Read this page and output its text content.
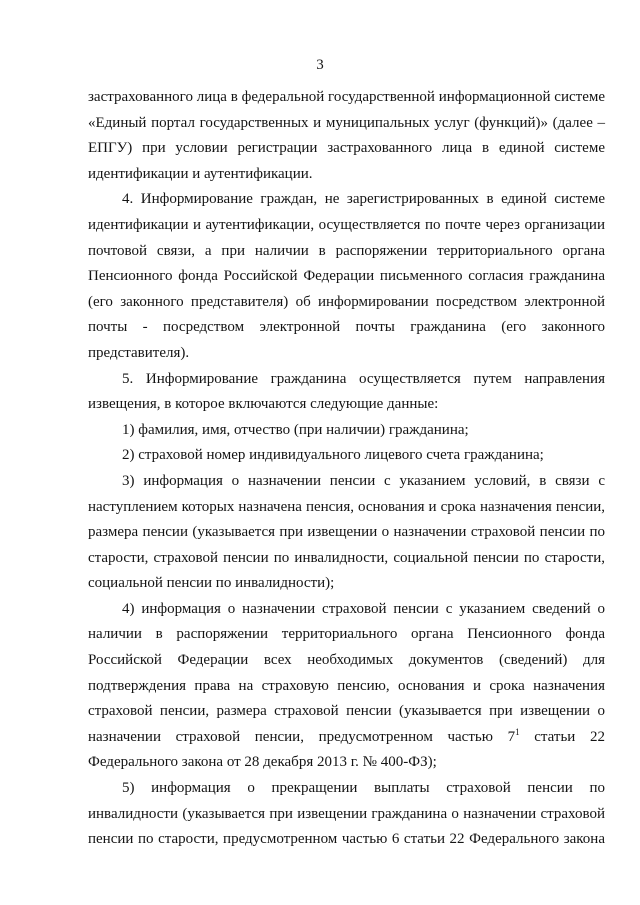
3

застрахованного лица в федеральной государственной информационной системе «Единый портал государственных и муниципальных услуг (функций)» (далее – ЕПГУ) при условии регистрации застрахованного лица в единой системе идентификации и аутентификации.

4. Информирование граждан, не зарегистрированных в единой системе идентификации и аутентификации, осуществляется по почте через организации почтовой связи, а при наличии в распоряжении территориального органа Пенсионного фонда Российской Федерации письменного согласия гражданина (его законного представителя) об информировании посредством электронной почты - посредством электронной почты гражданина (его законного представителя).

5. Информирование гражданина осуществляется путем направления извещения, в которое включаются следующие данные:

1) фамилия, имя, отчество (при наличии) гражданина;

2) страховой номер индивидуального лицевого счета гражданина;

3) информация о назначении пенсии с указанием условий, в связи с наступлением которых назначена пенсия, основания и срока назначения пенсии, размера пенсии (указывается при извещении о назначении страховой пенсии по старости, страховой пенсии по инвалидности, социальной пенсии по старости, социальной пенсии по инвалидности);

4) информация о назначении страховой пенсии с указанием сведений о наличии в распоряжении территориального органа Пенсионного фонда Российской Федерации всех необходимых документов (сведений) для подтверждения права на страховую пенсию, основания и срока назначения страховой пенсии, размера страховой пенсии (указывается при извещении о назначении страховой пенсии, предусмотренном частью $7^1$ статьи 22 Федерального закона от 28 декабря 2013 г. № 400-ФЗ);

5) информация о прекращении выплаты страховой пенсии по инвалидности (указывается при извещении гражданина о назначении страховой пенсии по старости, предусмотренном частью 6 статьи 22 Федерального закона
